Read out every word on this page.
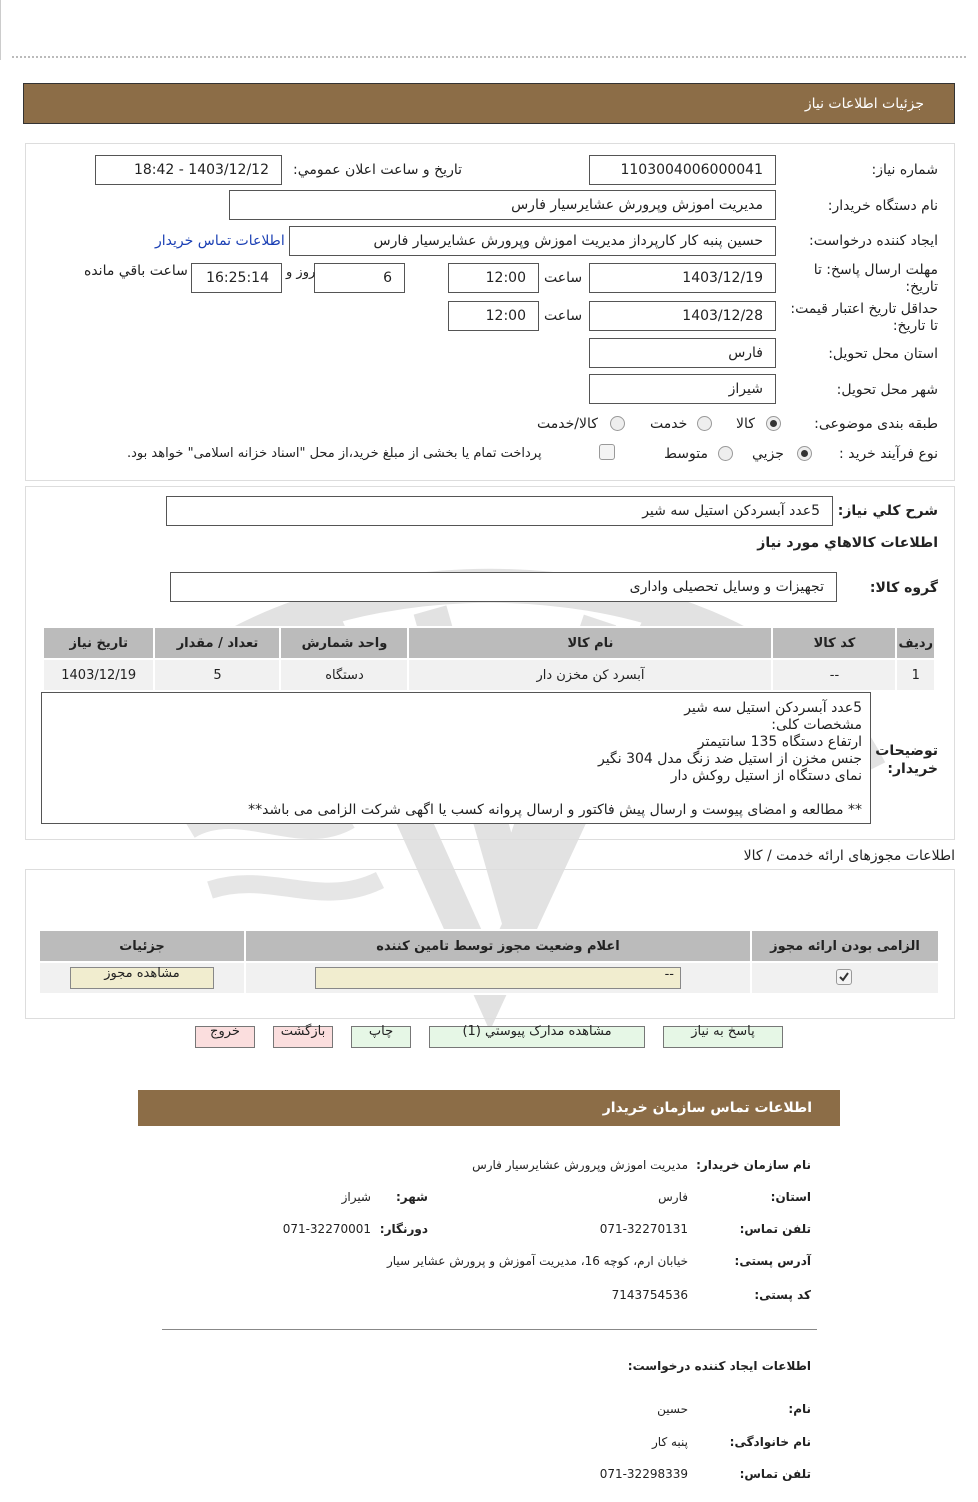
جزئیات اطلاعات نیاز
شماره نیاز:
1103004006000041
تاریخ و ساعت اعلان عمومي:
1403/12/12 - 18:42
نام دستگاه خریدار:
مدیریت اموزش وپرورش عشایرسیار فارس
ایجاد کننده درخواست:
حسین پنبه کار کارپرداز مدیریت اموزش وپرورش عشایرسیار فارس
اطلاعات تماس خریدار
مهلت ارسال پاسخ: تا تاریخ:
1403/12/19
ساعت
12:00
6
روز و
16:25:14
ساعت باقي مانده
حداقل تاریخ اعتبار قیمت: تا تاریخ:
1403/12/28
ساعت
12:00
استان محل تحویل:
فارس
شهر محل تحویل:
شیراز
طبقه بندی موضوعی:
کالا
خدمت
کالا/خدمت
نوع فرآیند خرید :
جزیي
متوسط
پرداخت تمام یا بخشی از مبلغ خرید،از محل "اسناد خزانه اسلامی" خواهد بود.
شرح كلي نياز:
5عدد آبسردکن استیل سه شیر
اطلاعات كالاهاي مورد نياز
گروه کالا:
تجهیزات و وسایل تحصیلی واداری
رديف	کد کالا	نام کالا	واحد شمارش	تعداد / مقدار	تاریخ نیاز
1	--	آبسرد کن مخزن دار	دستگاه	5	1403/12/19
توضیحات خریدار:
5عدد آبسردکن استیل سه شیر
مشخصات کلی:
ارتفاع دستگاه 135 سانتیمتر
جنس مخزن از استیل ضد زنگ مدل 304 نگیر
نمای دستگاه از استیل روکش دار
** مطالعه و امضای پیوست و ارسال پیش فاکتور و ارسال پروانه کسب یا اگهی شرکت الزامی می باشد**
اطلاعات مجوزهای ارائه خدمت / کالا
الزامی بودن ارائه مجوز	اعلام وضعیت مجوز توسط تامین کننده	جزئیات

--	مشاهده مجوز
پاسخ به نیاز
مشاهده مدارک پیوستي (1)
چاپ
بازگشت
خروج
اطلاعات تماس سازمان خریدار
نام سازمان خریدار:
مدیریت اموزش وپرورش عشایرسیار فارس
استان:
فارس
شهر:
شیراز
تلفن تماس:
071-32270131
دورنگار:
071-32270001
آدرس پستی:
خیابان ارم، کوچه 16، مدیریت آموزش و پرورش عشایر سیار
کد پستی:
7143754536
اطلاعات ایجاد کننده درخواست:
نام:
حسین
نام خانوادگی:
پنبه کار
تلفن تماس:
071-32298339
